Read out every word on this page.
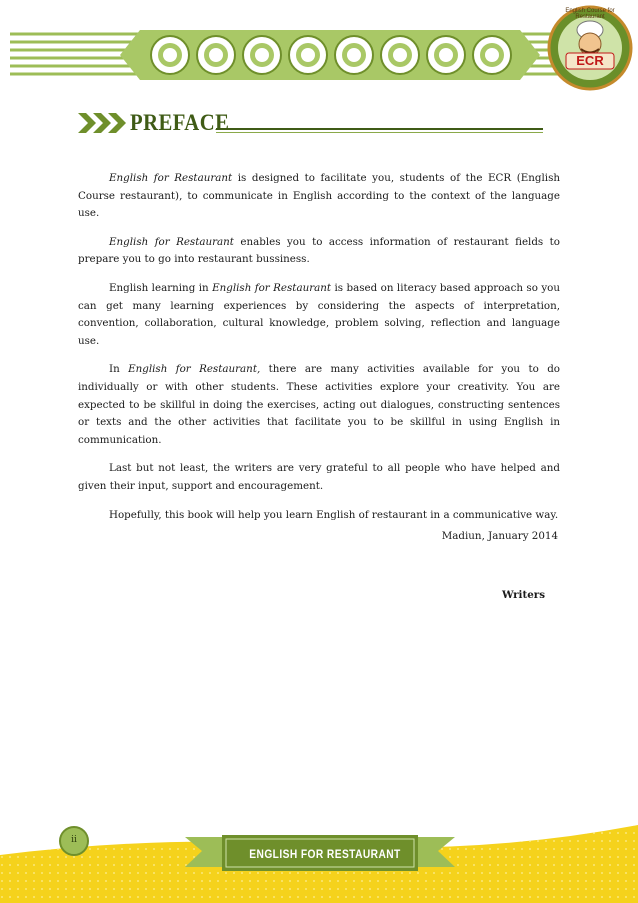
English Course for Restaurant
ECR
PREFACE

English for Restaurant is designed to facilitate you, students of the ECR (English Course restaurant), to communicate in English according to the context of the language use.

English for Restaurant enables you to access information of restaurant fields to prepare you to go into restaurant bussiness.

English learning in English for Restaurant is based on literacy based approach so you can get many learning experiences by considering the aspects of interpretation, convention, collaboration, cultural knowledge, problem solving, reflection and language use.

In English for Restaurant, there are many activities available for you to do individually or with other students. These activities explore your creativity. You are expected to be skillful in doing the exercises, acting out dialogues, constructing sentences or texts and the other activities that facilitate you to be skillful in using English in communication.

Last but not least, the writers are very grateful to all people who have helped and given their input, support and encouragement.

Hopefully, this book will help you learn English of restaurant in a communicative way.

Madiun, January 2014
Writers
ii
ENGLISH FOR RESTAURANT
